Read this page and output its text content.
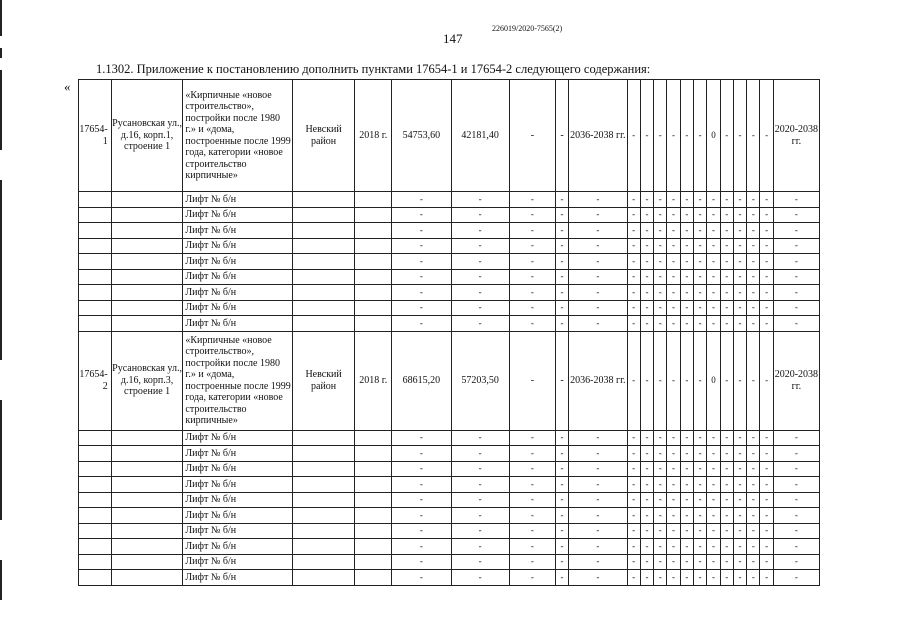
226019/2020-7565(2)
147
1.1302. Приложение к постановлению дополнить пунктами 17654-1 и 17654-2 следующего содержания:
«
17654-1	Русановская ул., д.16, корп.1, строение 1	«Кирпичные «новое строительство», постройки после 1980 г.» и «дома, построенные после 1999 года, категории «новое строительство кирпичные»	Невский район	2018 г.	54753,60	42181,40	-	-	2036-2038 гг.	-	-	-	-	-	-	0	-	-	-	-	2020-2038 гг.
		Лифт № б/н			-	-	-	-	-	-	-	-	-	-	-	-	-	-	-	-	-
		Лифт № б/н			-	-	-	-	-	-	-	-	-	-	-	-	-	-	-	-	-
		Лифт № б/н			-	-	-	-	-	-	-	-	-	-	-	-	-	-	-	-	-
		Лифт № б/н			-	-	-	-	-	-	-	-	-	-	-	-	-	-	-	-	-
		Лифт № б/н			-	-	-	-	-	-	-	-	-	-	-	-	-	-	-	-	-
		Лифт № б/н			-	-	-	-	-	-	-	-	-	-	-	-	-	-	-	-	-
		Лифт № б/н			-	-	-	-	-	-	-	-	-	-	-	-	-	-	-	-	-
		Лифт № б/н			-	-	-	-	-	-	-	-	-	-	-	-	-	-	-	-	-
		Лифт № б/н			-	-	-	-	-	-	-	-	-	-	-	-	-	-	-	-	-
17654-2	Русановская ул., д.16, корп.3, строение 1	«Кирпичные «новое строительство», постройки после 1980 г.» и «дома, построенные после 1999 года, категории «новое строительство кирпичные»	Невский район	2018 г.	68615,20	57203,50	-	-	2036-2038 гг.	-	-	-	-	-	-	0	-	-	-	-	2020-2038 гг.
		Лифт № б/н			-	-	-	-	-	-	-	-	-	-	-	-	-	-	-	-	-
		Лифт № б/н			-	-	-	-	-	-	-	-	-	-	-	-	-	-	-	-	-
		Лифт № б/н			-	-	-	-	-	-	-	-	-	-	-	-	-	-	-	-	-
		Лифт № б/н			-	-	-	-	-	-	-	-	-	-	-	-	-	-	-	-	-
		Лифт № б/н			-	-	-	-	-	-	-	-	-	-	-	-	-	-	-	-	-
		Лифт № б/н			-	-	-	-	-	-	-	-	-	-	-	-	-	-	-	-	-
		Лифт № б/н			-	-	-	-	-	-	-	-	-	-	-	-	-	-	-	-	-
		Лифт № б/н			-	-	-	-	-	-	-	-	-	-	-	-	-	-	-	-	-
		Лифт № б/н			-	-	-	-	-	-	-	-	-	-	-	-	-	-	-	-	-
		Лифт № б/н			-	-	-	-	-	-	-	-	-	-	-	-	-	-	-	-	-
